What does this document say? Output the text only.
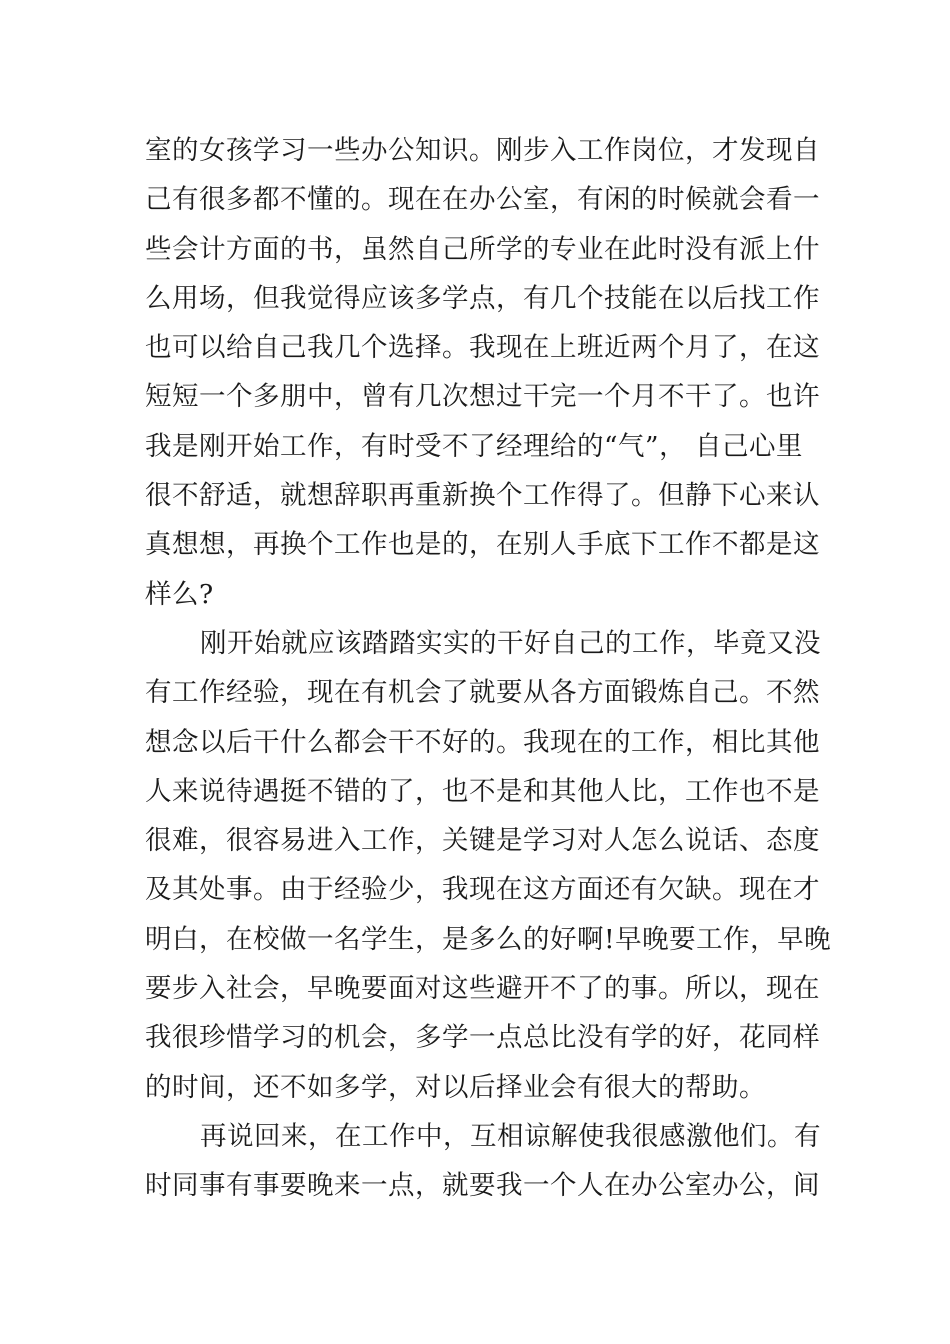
室的女孩学习一些办公知识。刚步入工作岗位，才发现自
己有很多都不懂的。现在在办公室，有闲的时候就会看一
些会计方面的书，虽然自己所学的专业在此时没有派上什
么用场，但我觉得应该多学点，有几个技能在以后找工作
也可以给自己我几个选择。我现在上班近两个月了，在这
短短一个多朋中，曾有几次想过干完一个月不干了。也许
我是刚开始工作，有时受不了经理给的“气”， 自己心里
很不舒适，就想辞职再重新换个工作得了。但静下心来认
真想想，再换个工作也是的，在别人手底下工作不都是这
样么?
刚开始就应该踏踏实实的干好自己的工作，毕竟又没
有工作经验，现在有机会了就要从各方面锻炼自己。不然
想念以后干什么都会干不好的。我现在的工作，相比其他
人来说待遇挺不错的了，也不是和其他人比，工作也不是
很难，很容易进入工作，关键是学习对人怎么说话、态度
及其处事。由于经验少，我现在这方面还有欠缺。现在才
明白，在校做一名学生，是多么的好啊!早晚要工作，早晚
要步入社会，早晚要面对这些避开不了的事。所以，现在
我很珍惜学习的机会，多学一点总比没有学的好，花同样
的时间，还不如多学，对以后择业会有很大的帮助。
再说回来，在工作中，互相谅解使我很感激他们。有
时同事有事要晚来一点，就要我一个人在办公室办公，间
